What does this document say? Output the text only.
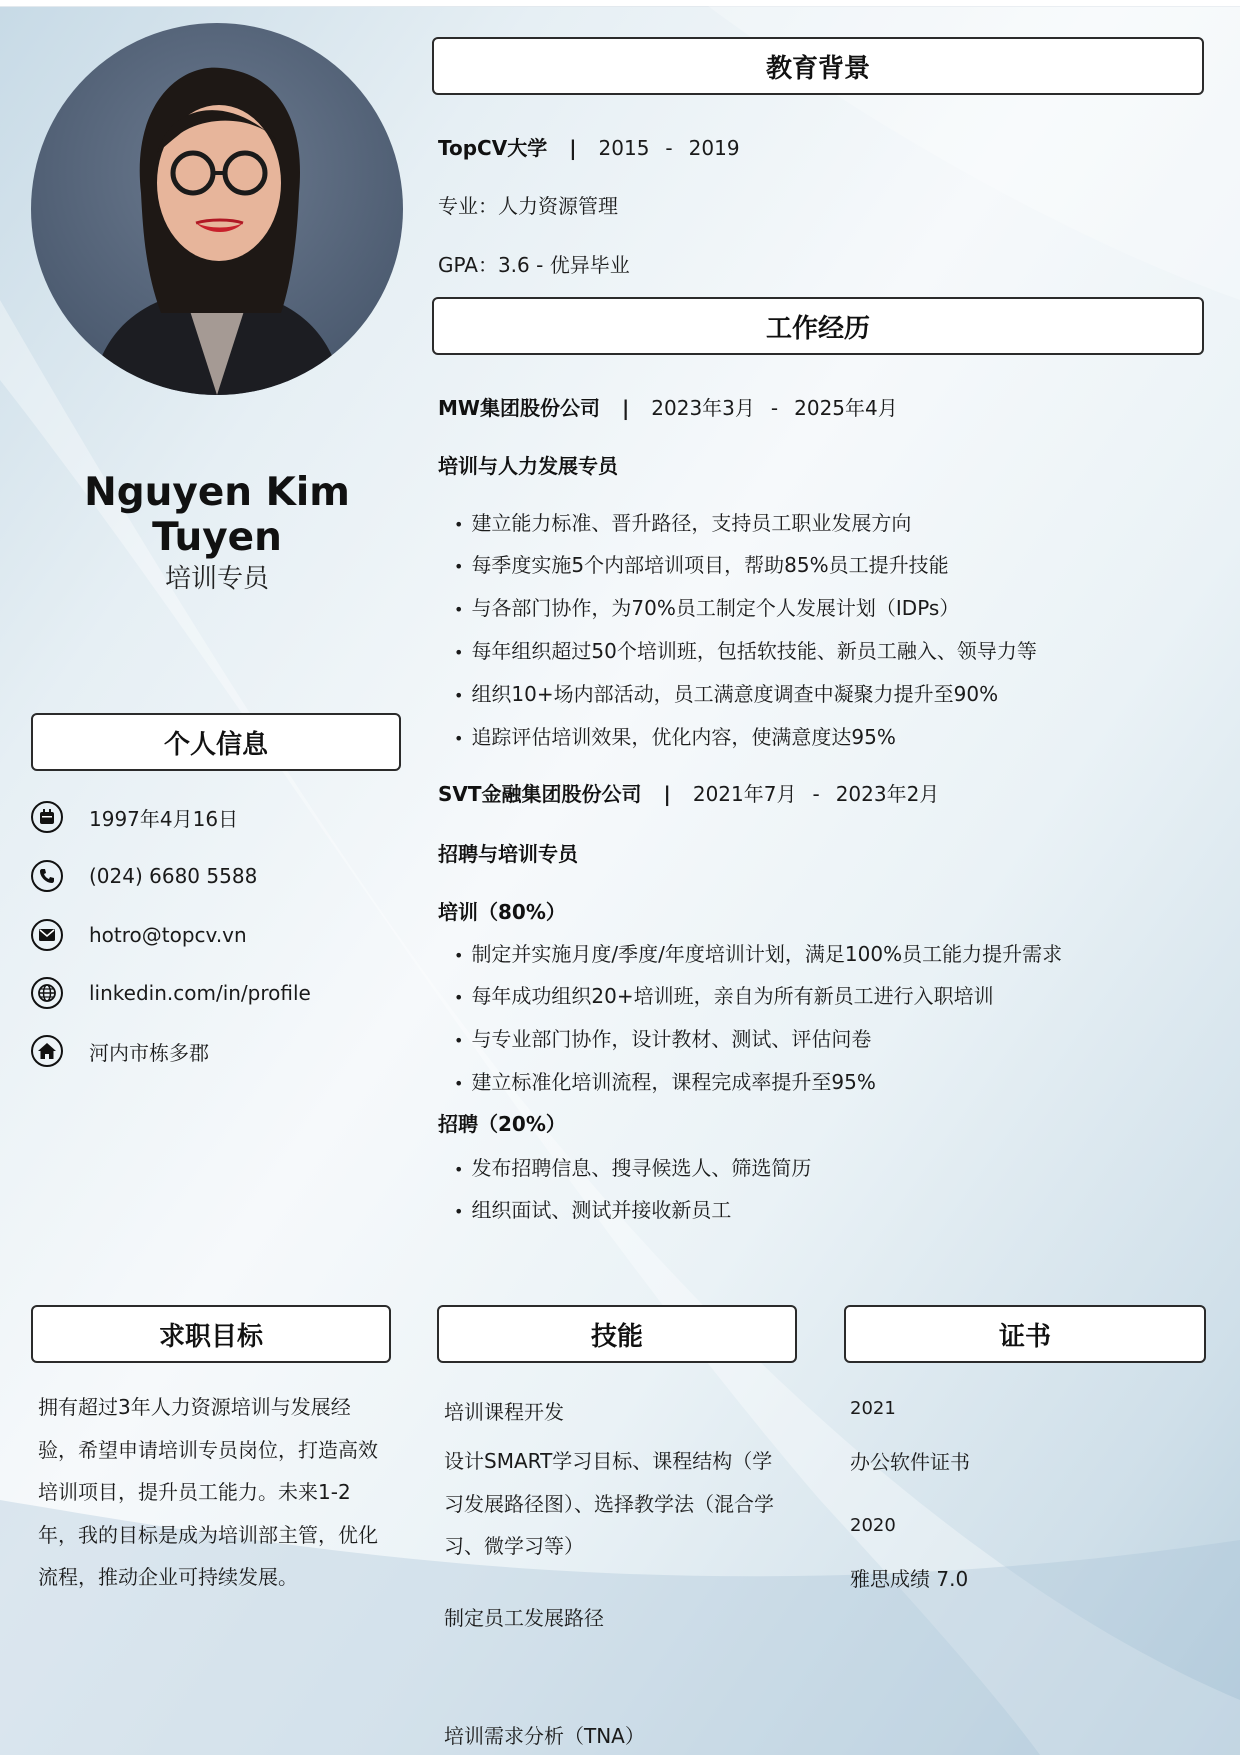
Nguyen Kim Tuyen
培训专员
个人信息
1997年4月16日
(024) 6680 5588
hotro@topcv.vn
linkedin.com/in/profile
河内市栋多郡
教育背景
TopCV大学 | 2015 - 2019
专业：人力资源管理
GPA：3.6 - 优异毕业
工作经历
MW集团股份公司 | 2023年3月 - 2025年4月
培训与人力发展专员
• 建立能力标准、晋升路径，支持员工职业发展方向
• 每季度实施5个内部培训项目，帮助85%员工提升技能
• 与各部门协作，为70%员工制定个人发展计划（IDPs）
• 每年组织超过50个培训班，包括软技能、新员工融入、领导力等
• 组织10+场内部活动，员工满意度调查中凝聚力提升至90%
• 追踪评估培训效果，优化内容，使满意度达95%
SVT金融集团股份公司 | 2021年7月 - 2023年2月
招聘与培训专员
培训（80%）
• 制定并实施月度/季度/年度培训计划，满足100%员工能力提升需求
• 每年成功组织20+培训班，亲自为所有新员工进行入职培训
• 与专业部门协作，设计教材、测试、评估问卷
• 建立标准化培训流程，课程完成率提升至95%
招聘（20%）
• 发布招聘信息、搜寻候选人、筛选简历
• 组织面试、测试并接收新员工
求职目标	技能	证书
拥有超过3年人力资源培训与发展经
验，希望申请培训专员岗位，打造高效
培训项目，提升员工能力。未来1-2
年，我的目标是成为培训部主管，优化
流程，推动企业可持续发展。
培训课程开发
设计SMART学习目标、课程结构（学
习发展路径图）、选择教学法（混合学
习、微学习等）
制定员工发展路径
培训需求分析（TNA）
2021
办公软件证书
2020
雅思成绩 7.0
